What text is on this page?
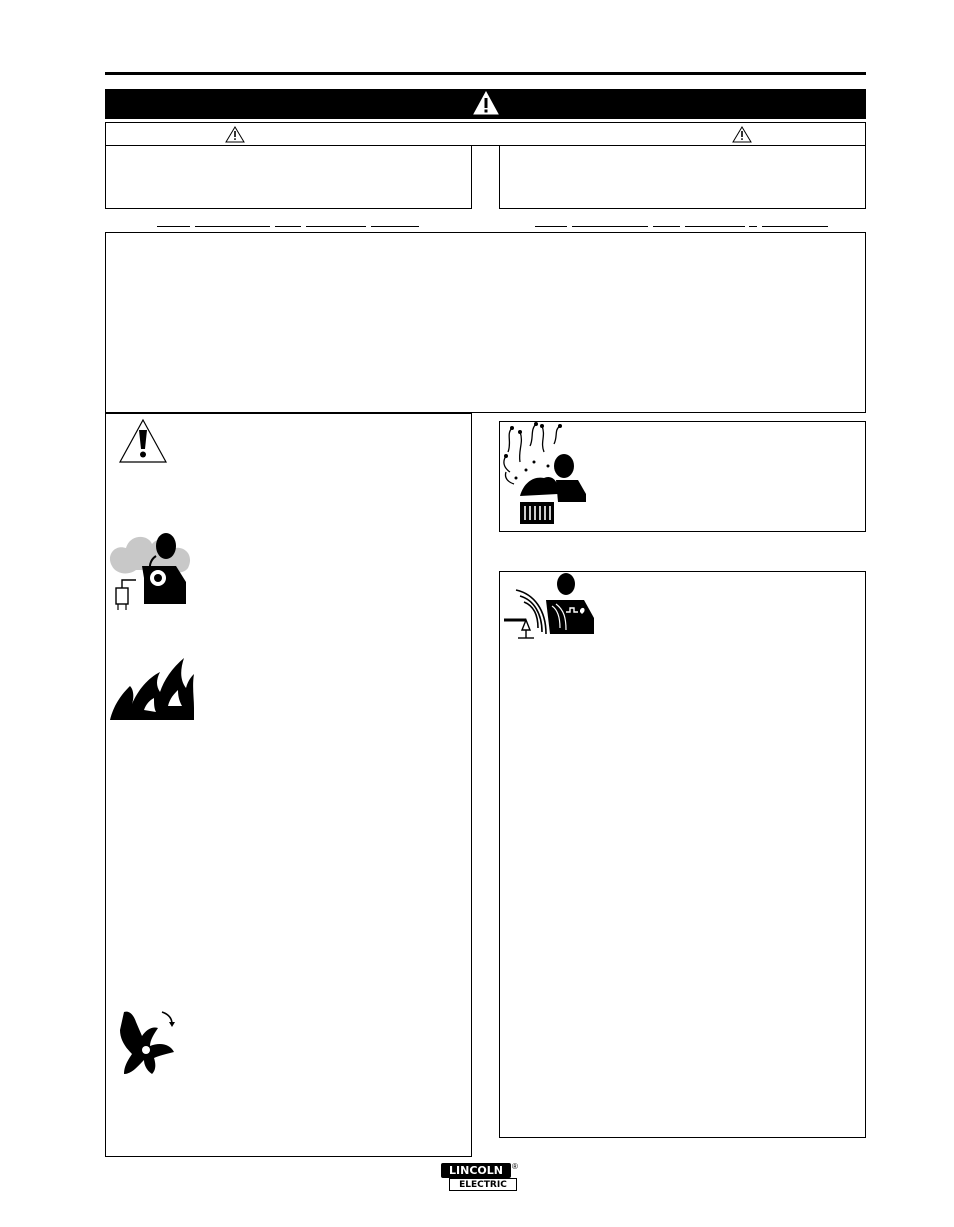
LINCOLN	®
ELECTRIC
